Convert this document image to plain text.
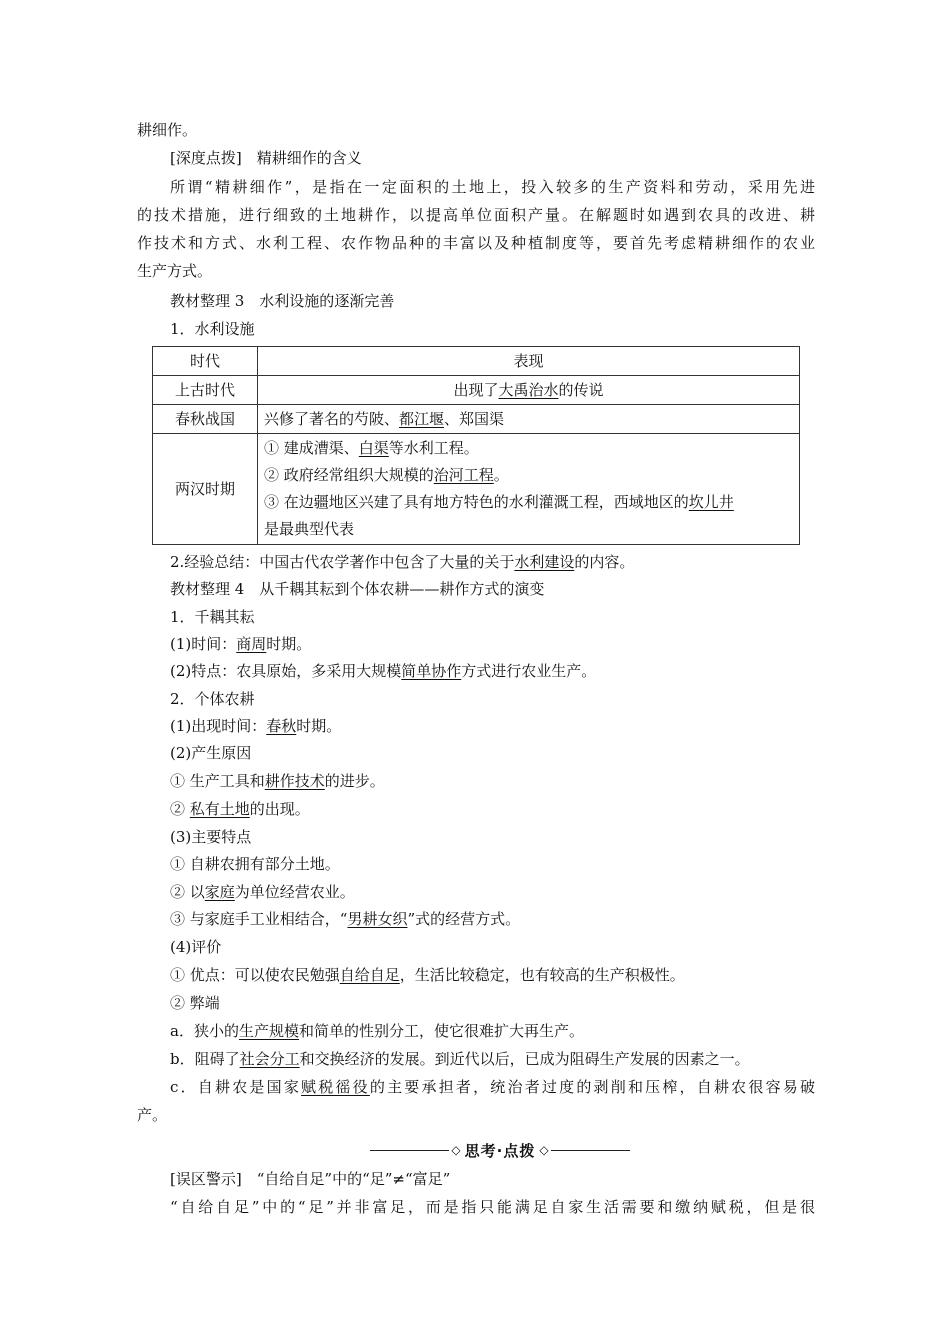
耕细作。
[深度点拨]　 精耕细作的含义
所谓“精耕细作”，是指在一定面积的土地上，投入较多的生产资料和劳动，采用先进
的技术措施，进行细致的土地耕作，以提高单位面积产量。在解题时如遇到农具的改进、耕
作技术和方式、水利工程、农作物品种的丰富以及种植制度等，要首先考虑精耕细作的农业
生产方式。
教材整理 3　水利设施的逐渐完善
1．水利设施
时代	表现
上古时代	出现了大禹治水的传说
春秋战国	兴修了著名的芍陂、都江堰、郑国渠
两汉时期	① 建成漕渠、白渠等水利工程。
② 政府经常组织大规模的治河工程。
③ 在边疆地区兴建了具有地方特色的水利灌溉工程，西域地区的坎儿井
是最典型代表
2.经验总结：中国古代农学著作中包含了大量的关于水利建设的内容。
教材整理 4　从千耦其耘到个体农耕——耕作方式的演变
1．千耦其耘
(1)时间：商周时期。
(2)特点：农具原始，多采用大规模简单协作方式进行农业生产。
2．个体农耕
(1)出现时间：春秋时期。
(2)产生原因
① 生产工具和耕作技术的进步。
② 私有土地的出现。
(3)主要特点
① 自耕农拥有部分土地。
② 以家庭为单位经营农业。
③ 与家庭手工业相结合，“男耕女织”式的经营方式。
(4)评价
① 优点：可以使农民勉强自给自足，生活比较稳定，也有较高的生产积极性。
② 弊端
a．狭小的生产规模和简单的性别分工，使它很难扩大再生产。
b．阻碍了社会分工和交换经济的发展。到近代以后，已成为阻碍生产发展的因素之一。
c．自耕农是国家赋税徭役的主要承担者，统治者过度的剥削和压榨，自耕农很容易破
产。
◇ 思考·点拨 ◇
[误区警示]　 “自给自足”中的“足”≠“富足”
“自给自足”中的“足”并非富足，而是指只能满足自家生活需要和缴纳赋税，但是很
